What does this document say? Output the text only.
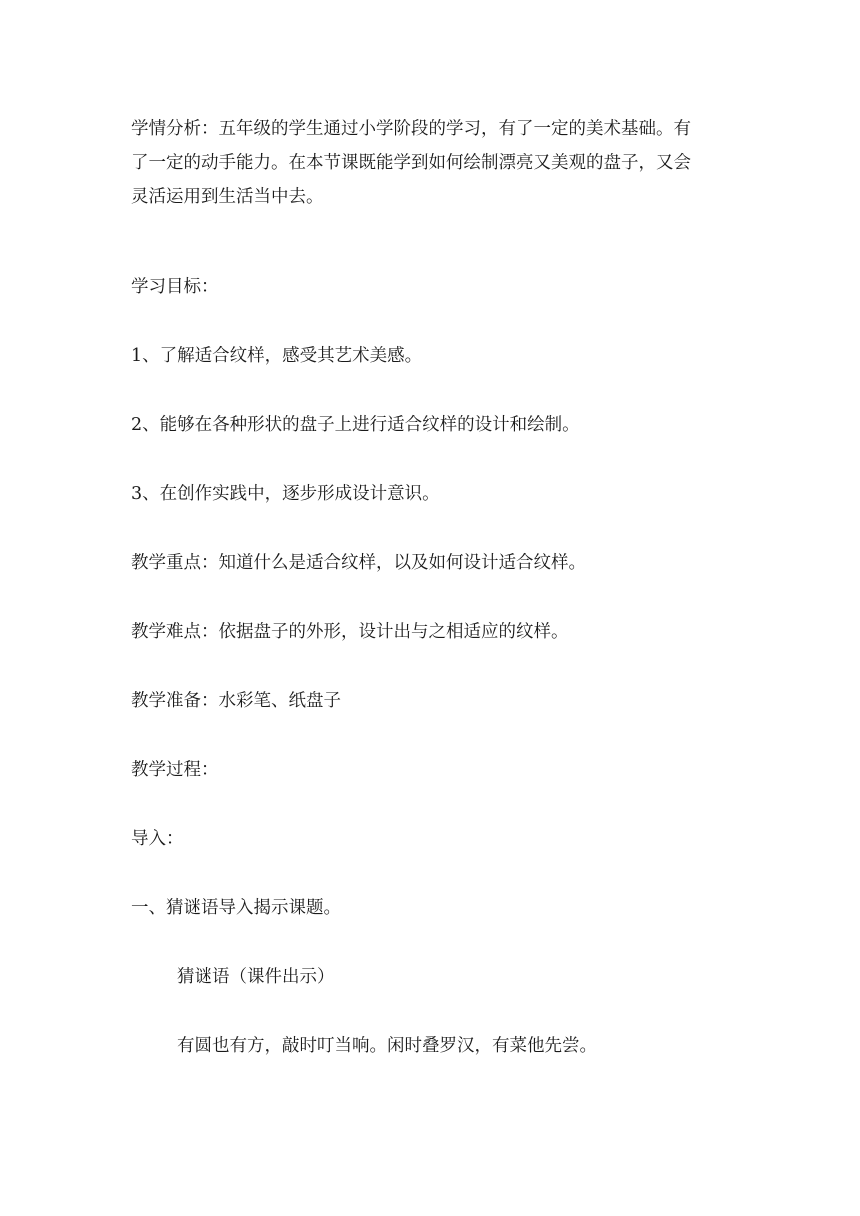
学情分析：五年级的学生通过小学阶段的学习，有了一定的美术基础。有
了一定的动手能力。在本节课既能学到如何绘制漂亮又美观的盘子，又会
灵活运用到生活当中去。
学习目标：
1、了解适合纹样，感受其艺术美感。
2、能够在各种形状的盘子上进行适合纹样的设计和绘制。
3、在创作实践中，逐步形成设计意识。
教学重点：知道什么是适合纹样，以及如何设计适合纹样。
教学难点：依据盘子的外形，设计出与之相适应的纹样。
教学准备：水彩笔、纸盘子
教学过程：
导入：
一、猜谜语导入揭示课题。
猜谜语（课件出示）
有圆也有方，敲时叮当响。闲时叠罗汉，有菜他先尝。
